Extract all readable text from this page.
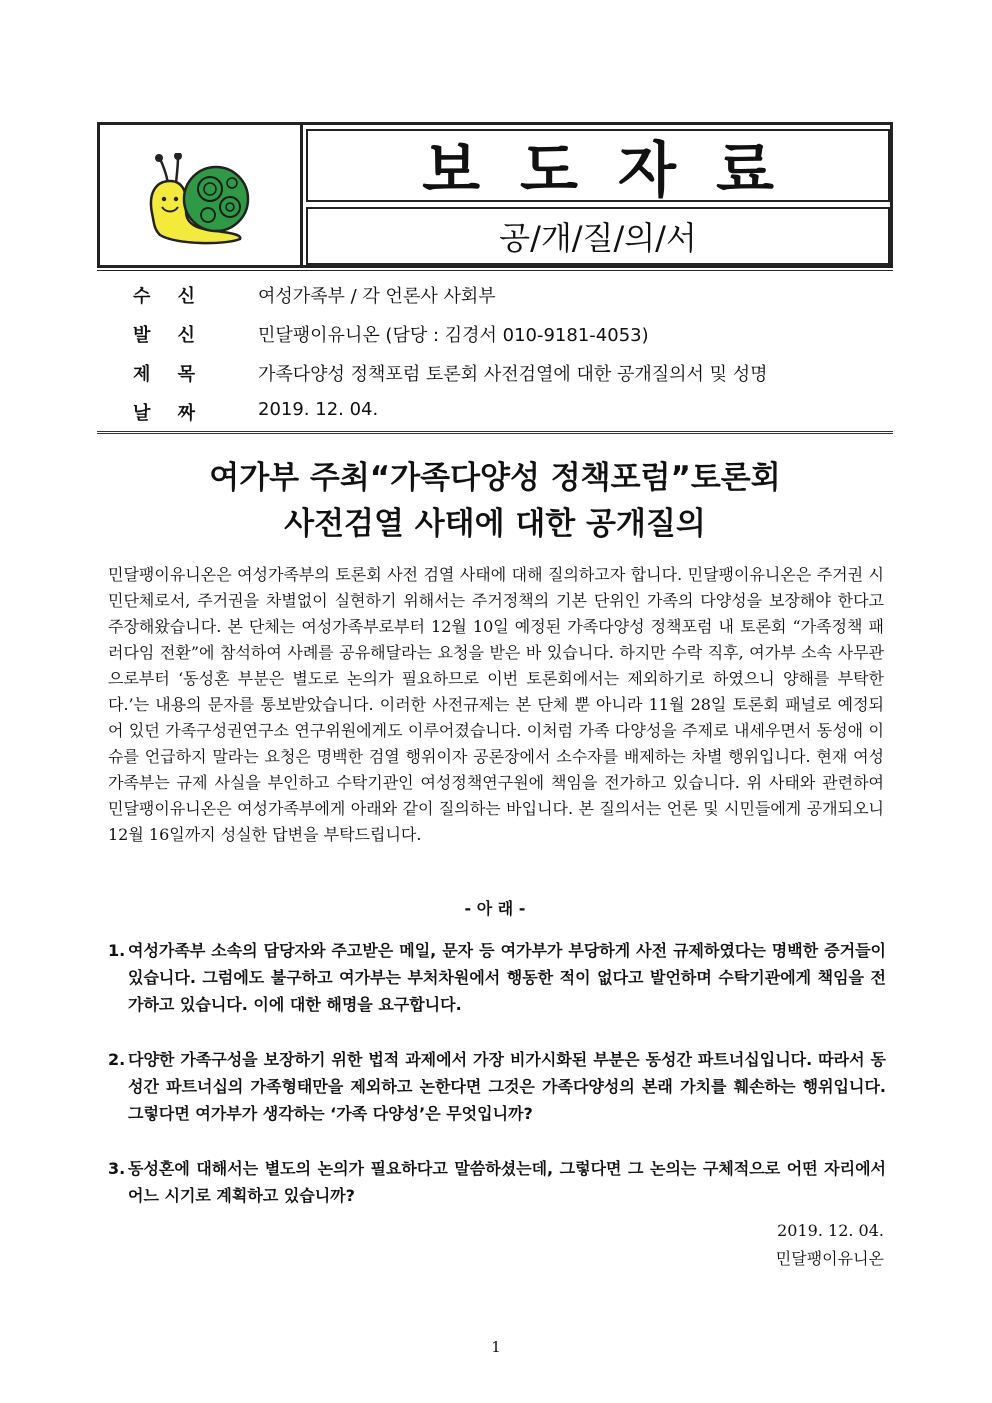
보도자료
공/개/질/의/서
수 신	여성가족부 / 각 언론사 사회부
발 신	민달팽이유니온 (담당 : 김경서 010-9181-4053)
제 목	가족다양성 정책포럼 토론회 사전검열에 대한 공개질의서 및 성명
날 짜	2019. 12. 04.
여가부 주최“가족다양성 정책포럼”토론회
사전검열 사태에 대한 공개질의
민달팽이유니온은 여성가족부의 토론회 사전 검열 사태에 대해 질의하고자 합니다. 민달팽이유니온은 주거권 시민단체로서, 주거권을 차별없이 실현하기 위해서는 주거정책의 기본 단위인 가족의 다양성을 보장해야 한다고 주장해왔습니다. 본 단체는 여성가족부로부터 12월 10일 예정된 가족다양성 정책포럼 내 토론회 “가족정책 패러다임 전환”에 참석하여 사례를 공유해달라는 요청을 받은 바 있습니다. 하지만 수락 직후, 여가부 소속 사무관으로부터 ‘동성혼 부분은 별도로 논의가 필요하므로 이번 토론회에서는 제외하기로 하였으니 양해를 부탁한다.’는 내용의 문자를 통보받았습니다. 이러한 사전규제는 본 단체 뿐 아니라 11월 28일 토론회 패널로 예정되어 있던 가족구성권연구소 연구위원에게도 이루어졌습니다. 이처럼 가족 다양성을 주제로 내세우면서 동성애 이슈를 언급하지 말라는 요청은 명백한 검열 행위이자 공론장에서 소수자를 배제하는 차별 행위입니다. 현재 여성가족부는 규제 사실을 부인하고 수탁기관인 여성정책연구원에 책임을 전가하고 있습니다. 위 사태와 관련하여 민달팽이유니온은 여성가족부에게 아래와 같이 질의하는 바입니다. 본 질의서는 언론 및 시민들에게 공개되오니 12월 16일까지 성실한 답변을 부탁드립니다.
- 아 래 -
1. 여성가족부 소속의 담당자와 주고받은 메일, 문자 등 여가부가 부당하게 사전 규제하였다는 명백한 증거들이 있습니다. 그럼에도 불구하고 여가부는 부처차원에서 행동한 적이 없다고 발언하며 수탁기관에게 책임을 전가하고 있습니다. 이에 대한 해명을 요구합니다.
2. 다양한 가족구성을 보장하기 위한 법적 과제에서 가장 비가시화된 부분은 동성간 파트너십입니다. 따라서 동성간 파트너십의 가족형태만을 제외하고 논한다면 그것은 가족다양성의 본래 가치를 훼손하는 행위입니다. 그렇다면 여가부가 생각하는 ‘가족 다양성’은 무엇입니까?
3. 동성혼에 대해서는 별도의 논의가 필요하다고 말씀하셨는데, 그렇다면 그 논의는 구체적으로 어떤 자리에서 어느 시기로 계획하고 있습니까?
2019. 12. 04.
민달팽이유니온
1
